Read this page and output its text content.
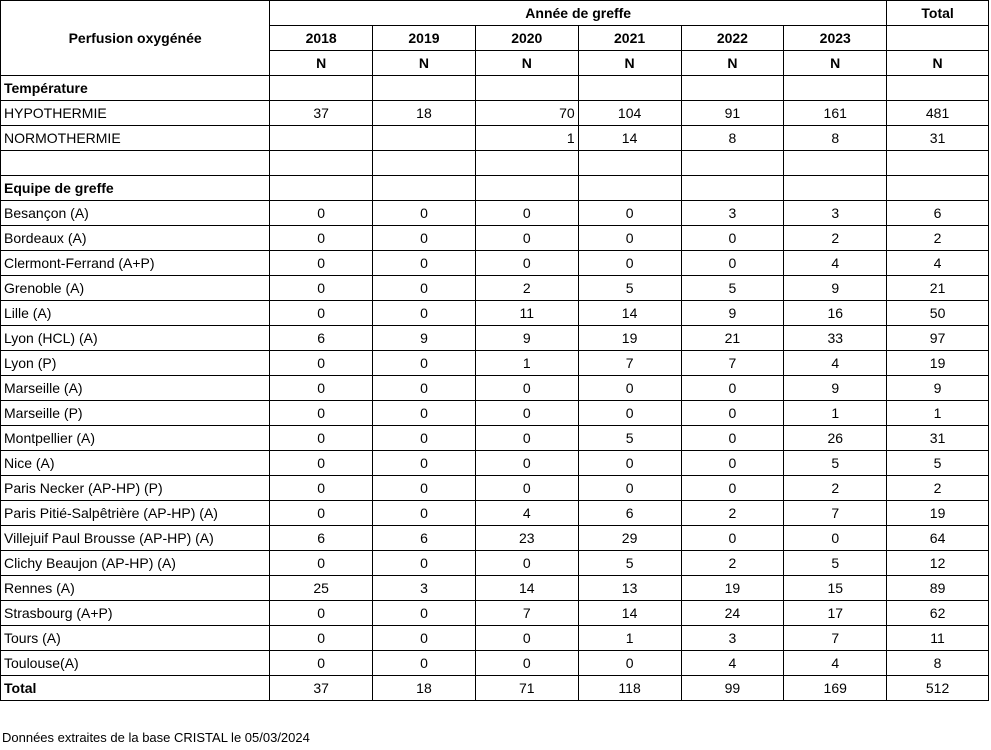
Perfusion oxygénée	Année de greffe						Total
	2018	2019	2020	2021	2022	2023	
	N	N	N	N	N	N	N
Température							
HYPOTHERMIE	37	18	70	104	91	161	481
NORMOTHERMIE			1	14	8	8	31

Equipe de greffe							
Besançon (A)	0	0	0	0	3	3	6
Bordeaux (A)	0	0	0	0	0	2	2
Clermont-Ferrand (A+P)	0	0	0	0	0	4	4
Grenoble (A)	0	0	2	5	5	9	21
Lille (A)	0	0	11	14	9	16	50
Lyon (HCL) (A)	6	9	9	19	21	33	97
Lyon (P)	0	0	1	7	7	4	19
Marseille (A)	0	0	0	0	0	9	9
Marseille (P)	0	0	0	0	0	1	1
Montpellier (A)	0	0	0	5	0	26	31
Nice (A)	0	0	0	0	0	5	5
Paris Necker (AP-HP) (P)	0	0	0	0	0	2	2
Paris Pitié-Salpêtrière (AP-HP) (A)	0	0	4	6	2	7	19
Villejuif Paul Brousse (AP-HP) (A)	6	6	23	29	0	0	64
Clichy Beaujon (AP-HP) (A)	0	0	0	5	2	5	12
Rennes (A)	25	3	14	13	19	15	89
Strasbourg (A+P)	0	0	7	14	24	17	62
Tours (A)	0	0	0	1	3	7	11
Toulouse(A)	0	0	0	0	4	4	8
Total	37	18	71	118	99	169	512
Données extraites de la base CRISTAL le 05/03/2024
